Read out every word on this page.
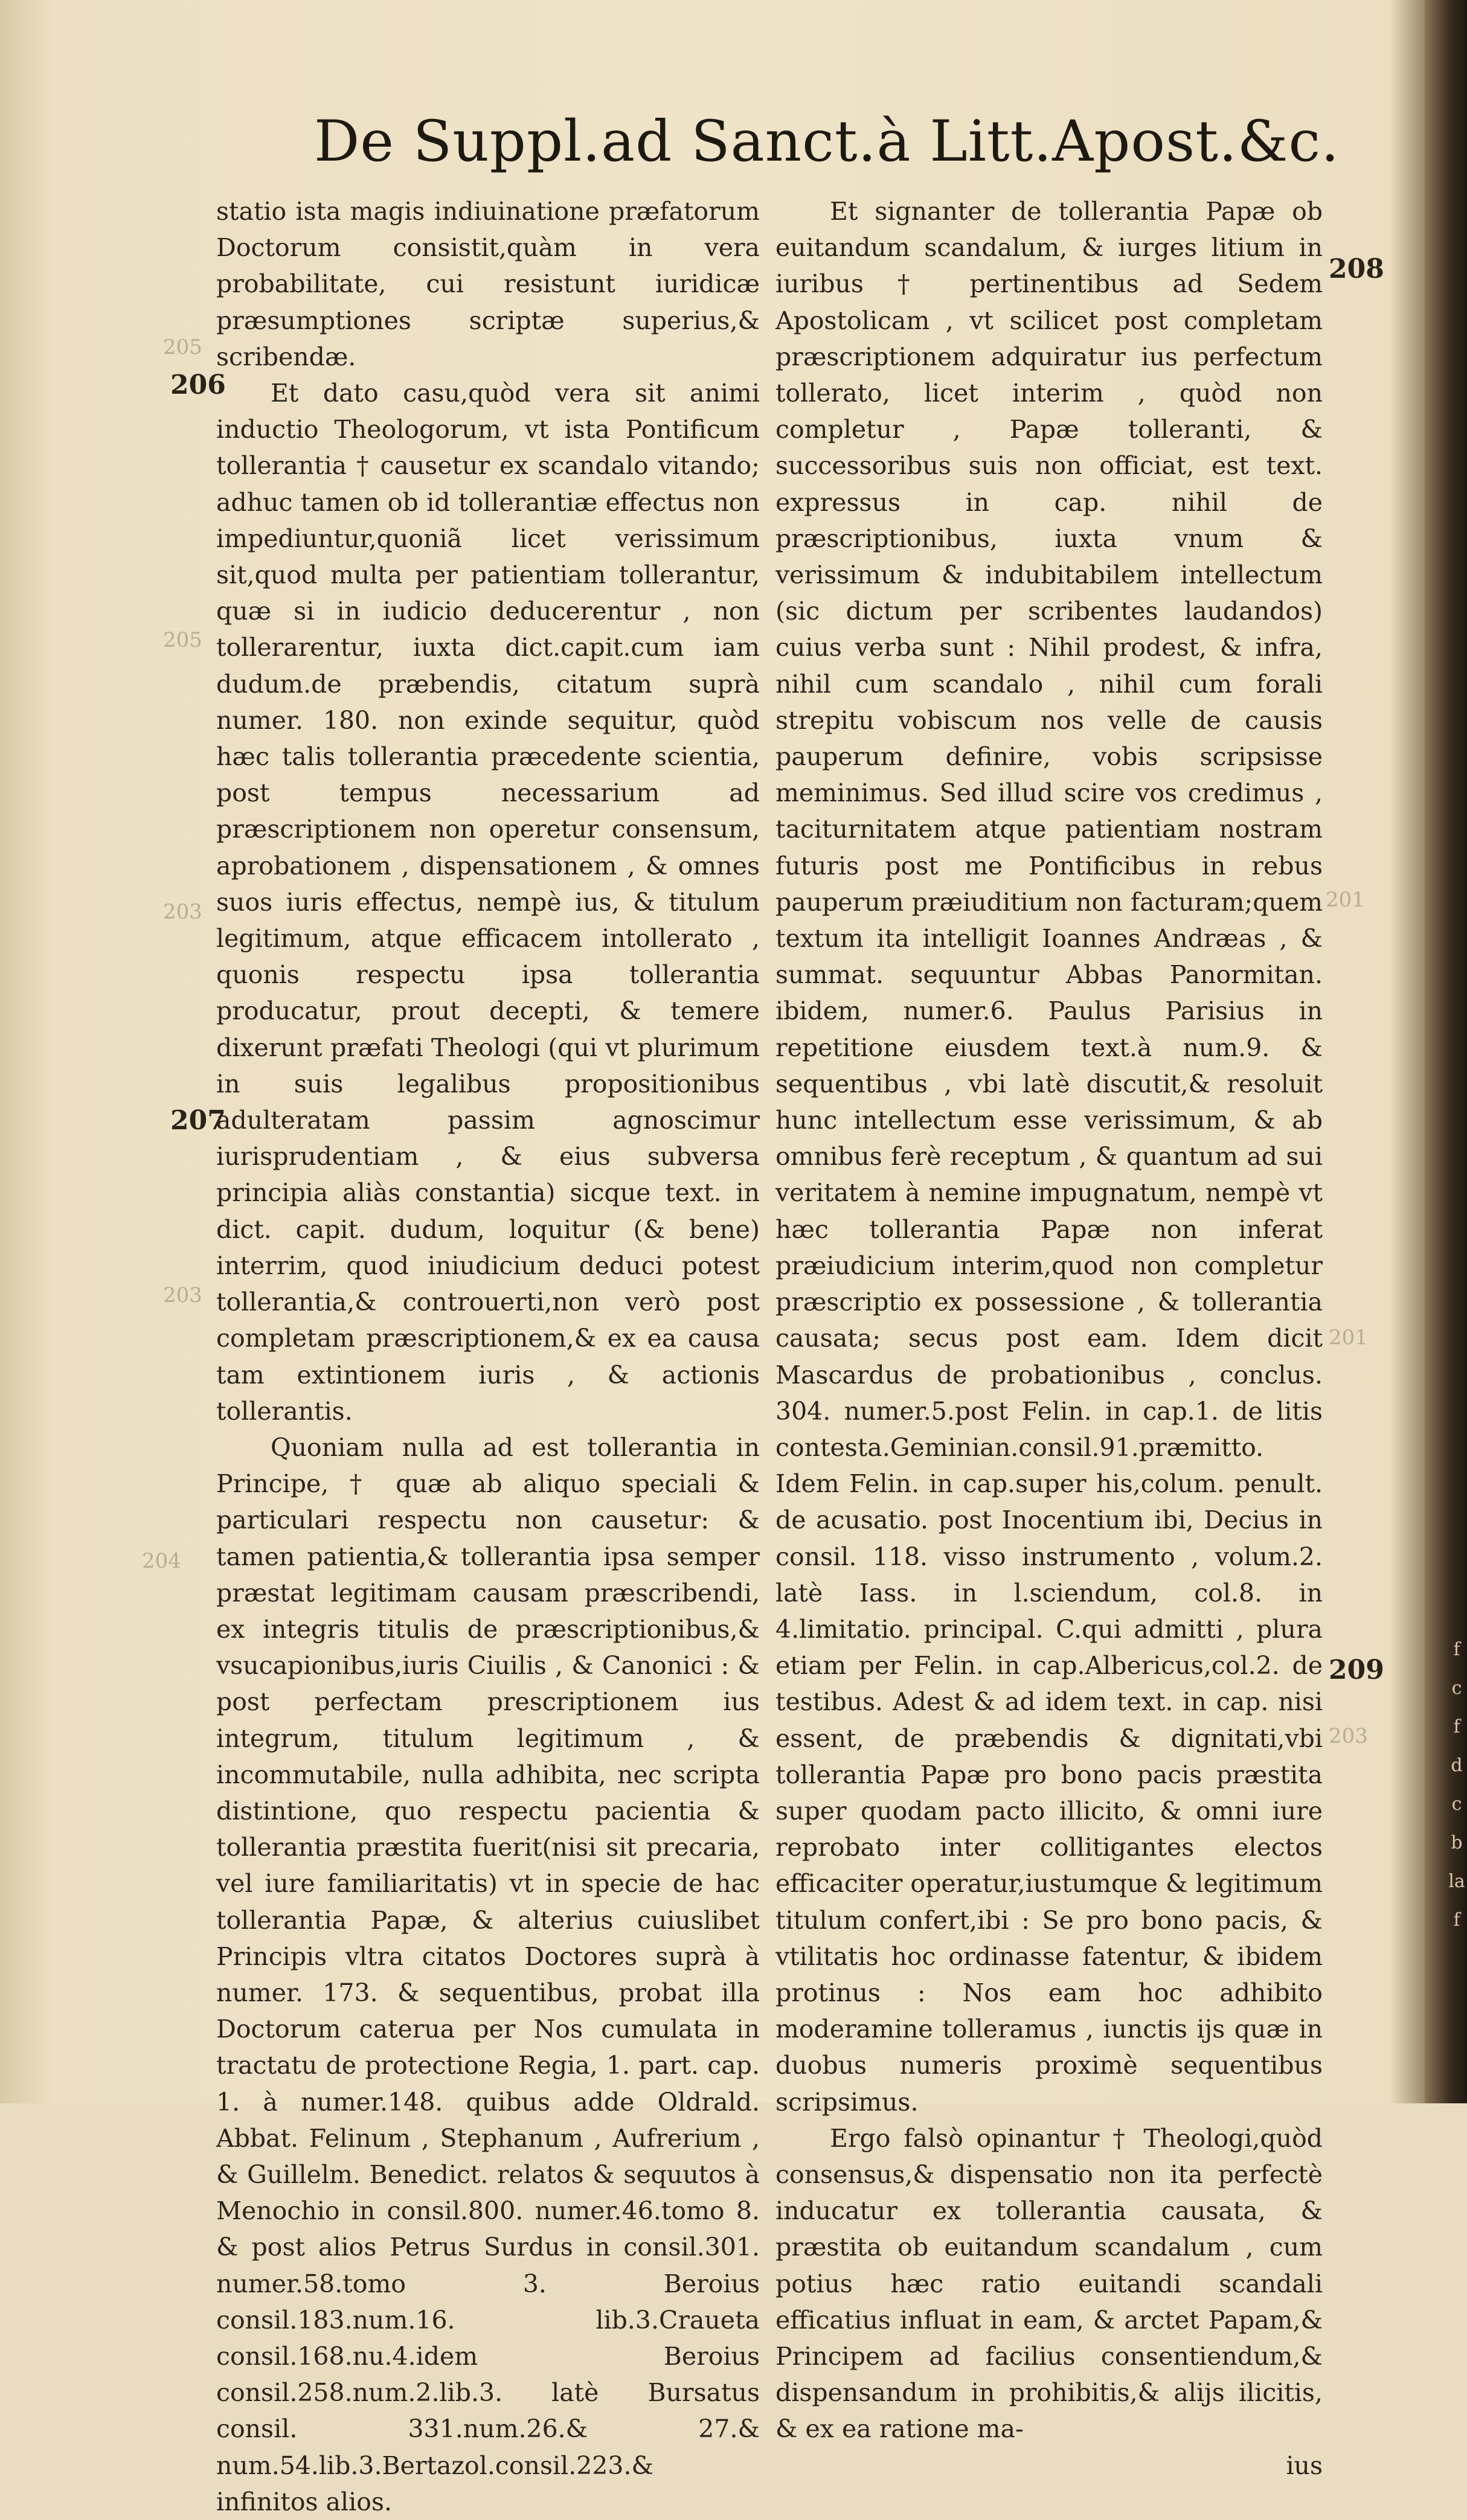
De Suppl.ad Sanct.à Litt.Apost.&c.

statio ista magis indiuinatione præfatorum Doctorum consistit,quàm in vera probabilitate, cui resistunt iuridicæ præsumptiones scriptæ superius,& scribendæ.

Et dato casu,quòd vera sit animi inductio Theologorum, vt ista Pontificum tollerantia † causetur ex scandalo vitando; adhuc tamen ob id tollerantiæ effectus non impediuntur,quoniã licet verissimum sit,quod multa per patientiam tollerantur, quæ si in iudicio deducerentur , non tollerarentur, iuxta dict.capit.cum iam dudum.de præbendis, citatum suprà numer. 180. non exinde sequitur, quòd hæc talis tollerantia præcedente scientia, post tempus necessarium ad præscriptionem non operetur consensum, aprobationem , dispensationem , & omnes suos iuris effectus, nempè ius, & titulum legitimum, atque efficacem intollerato , quonis respectu ipsa tollerantia producatur, prout decepti, & temere dixerunt præfati Theologi (qui vt plurimum in suis legalibus propositionibus adulteratam passim agnoscimur iurisprudentiam , & eius subversa principia aliàs constantia) sicque text. in dict. capit. dudum, loquitur (& bene) interrim, quod iniudicium deduci potest tollerantia,& controuerti,non verò post completam præscriptionem,& ex ea causa tam extintionem iuris , & actionis tollerantis.

Quoniam nulla ad est tollerantia in Principe, † quæ ab aliquo speciali & particulari respectu non causetur: & tamen patientia,& tollerantia ipsa semper præstat legitimam causam præscribendi, ex integris titulis de præscriptionibus,& vsucapionibus,iuris Ciuilis , & Canonici : & post perfectam prescriptionem ius integrum, titulum legitimum , & incommutabile, nulla adhibita, nec scripta distintione, quo respectu pacientia & tollerantia præstita fuerit(nisi sit precaria, vel iure familiaritatis) vt in specie de hac tollerantia Papæ, & alterius cuiuslibet Principis vltra citatos Doctores suprà à numer. 173. & sequentibus, probat illa Doctorum caterua per Nos cumulata in tractatu de protectione Regia, 1. part. cap. 1. à numer.148. quibus adde Oldrald. Abbat. Felinum , Stephanum , Aufrerium , & Guillelm. Benedict. relatos & sequutos à Menochio in consil.800. numer.46.tomo 8. & post alios Petrus Surdus in consil.301. numer.58.tomo 3. Beroius consil.183.num.16. lib.3.Craueta consil.168.nu.4.idem Beroius consil.258.num.2.lib.3. latè Bursatus consil. 331.num.26.& 27.& num.54.lib.3.Bertazol.consil.223.& infinitos alios.

Et signanter de tollerantia Papæ ob euitandum scandalum, & iurges litium in iuribus † pertinentibus ad Sedem Apostolicam , vt scilicet post completam præscriptionem adquiratur ius perfectum tollerato, licet interim , quòd non completur , Papæ tolleranti, & successoribus suis non officiat, est text. expressus in cap. nihil de præscriptionibus, iuxta vnum & verissimum & indubitabilem intellectum (sic dictum per scribentes laudandos) cuius verba sunt : Nihil prodest, & infra, nihil cum scandalo , nihil cum forali strepitu vobiscum nos velle de causis pauperum definire, vobis scripsisse meminimus. Sed illud scire vos credimus , taciturnitatem atque patientiam nostram futuris post me Pontificibus in rebus pauperum præiuditium non facturam;quem textum ita intelligit Ioannes Andræas , & summat. sequuntur Abbas Panormitan. ibidem, numer.6. Paulus Parisius in repetitione eiusdem text.à num.9. & sequentibus , vbi latè discutit,& resoluit hunc intellectum esse verissimum, & ab omnibus ferè receptum , & quantum ad sui veritatem à nemine impugnatum, nempè vt hæc tollerantia Papæ non inferat præiudicium interim,quod non completur præscriptio ex possessione , & tollerantia causata; secus post eam. Idem dicit Mascardus de probationibus , conclus. 304. numer.5.post Felin. in cap.1. de litis contesta.Geminian.consil.91.præmitto. Idem Felin. in cap.super his,colum. penult. de acusatio. post Inocentium ibi, Decius in consil. 118. visso instrumento , volum.2. latè Iass. in l.sciendum, col.8. in 4.limitatio. principal. C.qui admitti , plura etiam per Felin. in cap.Albericus,col.2. de testibus. Adest & ad idem text. in cap. nisi essent, de præbendis & dignitati,vbi tollerantia Papæ pro bono pacis præstita super quodam pacto illicito, & omni iure reprobato inter collitigantes electos efficaciter operatur,iustumque & legitimum titulum confert,ibi : Se pro bono pacis, & vtilitatis hoc ordinasse fatentur, & ibidem protinus : Nos eam hoc adhibito moderamine tolleramus , iunctis ijs quæ in duobus numeris proximè sequentibus scripsimus.

Ergo falsò opinantur † Theologi,quòd consensus,& dispensatio non ita perfectè inducatur ex tollerantia causata, & præstita ob euitandum scandalum , cum potius hæc ratio euitandi scandali efficatius influat in eam, & arctet Papam,& Principem ad facilius consentiendum,& dispensandum in prohibitis,& alijs ilicitis, & ex ea ratione ma-

ius
206
207
208
209
205
203
204
205
203
201
201
203
f
c
f
d
c
b
la
f
